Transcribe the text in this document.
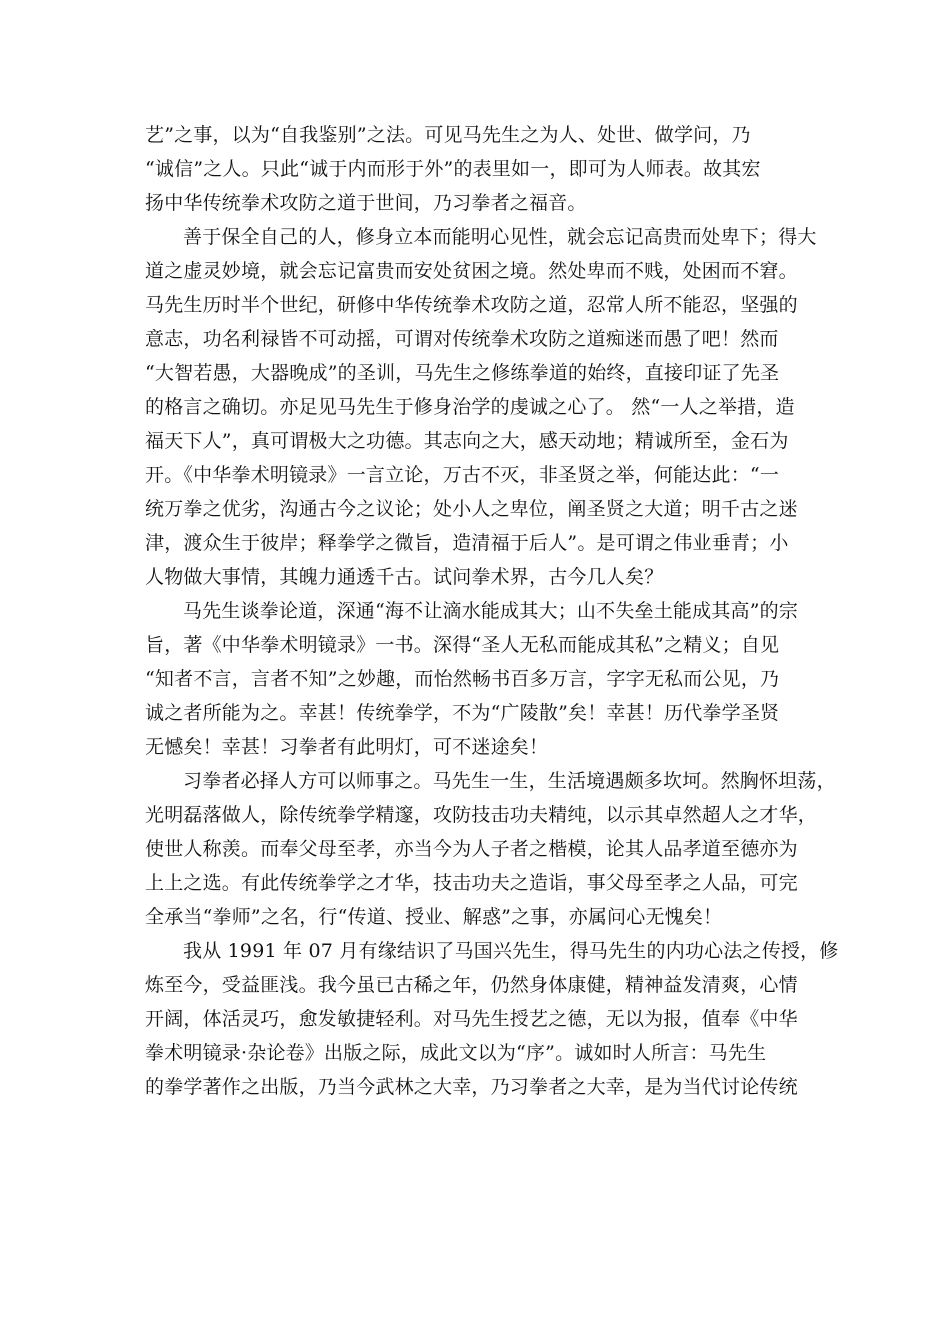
艺”之事，以为“自我鉴别”之法。可见马先生之为人、处世、做学问，乃
“诚信”之人。只此“诚于内而形于外”的表里如一，即可为人师表。故其宏
扬中华传统拳术攻防之道于世间，乃习拳者之福音。

善于保全自己的人，修身立本而能明心见性，就会忘记高贵而处卑下；得大
道之虚灵妙境，就会忘记富贵而安处贫困之境。然处卑而不贱，处困而不窘。
马先生历时半个世纪，研修中华传统拳术攻防之道，忍常人所不能忍，坚强的
意志，功名利禄皆不可动摇，可谓对传统拳术攻防之道痴迷而愚了吧！然而
“大智若愚，大器晚成”的圣训，马先生之修练拳道的始终，直接印证了先圣
的格言之确切。亦足见马先生于修身治学的虔诚之心了。 然“一人之举措，造
福天下人”，真可谓极大之功德。其志向之大，感天动地；精诚所至，金石为
开。《中华拳术明镜录》一言立论，万古不灭，非圣贤之举，何能达此：“一
统万拳之优劣，沟通古今之议论；处小人之卑位，阐圣贤之大道；明千古之迷
津，渡众生于彼岸；释拳学之微旨，造清福于后人”。是可谓之伟业垂青；小
人物做大事情，其魄力通透千古。试问拳术界，古今几人矣？

马先生谈拳论道，深通“海不让滴水能成其大；山不失垒土能成其高”的宗
旨，著《中华拳术明镜录》一书。深得“圣人无私而能成其私”之精义；自见
“知者不言，言者不知”之妙趣，而怡然畅书百多万言，字字无私而公见，乃
诚之者所能为之。幸甚！传统拳学，不为“广陵散”矣！幸甚！历代拳学圣贤
无憾矣！幸甚！习拳者有此明灯，可不迷途矣！

习拳者必择人方可以师事之。马先生一生，生活境遇颇多坎坷。然胸怀坦荡，
光明磊落做人，除传统拳学精邃，攻防技击功夫精纯，以示其卓然超人之才华，
使世人称羡。而奉父母至孝，亦当今为人子者之楷模，论其人品孝道至德亦为
上上之选。有此传统拳学之才华，技击功夫之造诣，事父母至孝之人品，可完
全承当“拳师”之名，行“传道、授业、解惑”之事，亦属问心无愧矣！

我从 1991 年 07 月有缘结识了马国兴先生，得马先生的内功心法之传授，修
炼至今，受益匪浅。我今虽已古稀之年，仍然身体康健，精神益发清爽，心情
开阔，体活灵巧，愈发敏捷轻利。对马先生授艺之德，无以为报，值奉《中华
拳术明镜录·杂论卷》出版之际，成此文以为“序”。诚如时人所言：马先生
的拳学著作之出版，乃当今武林之大幸，乃习拳者之大幸，是为当代讨论传统
